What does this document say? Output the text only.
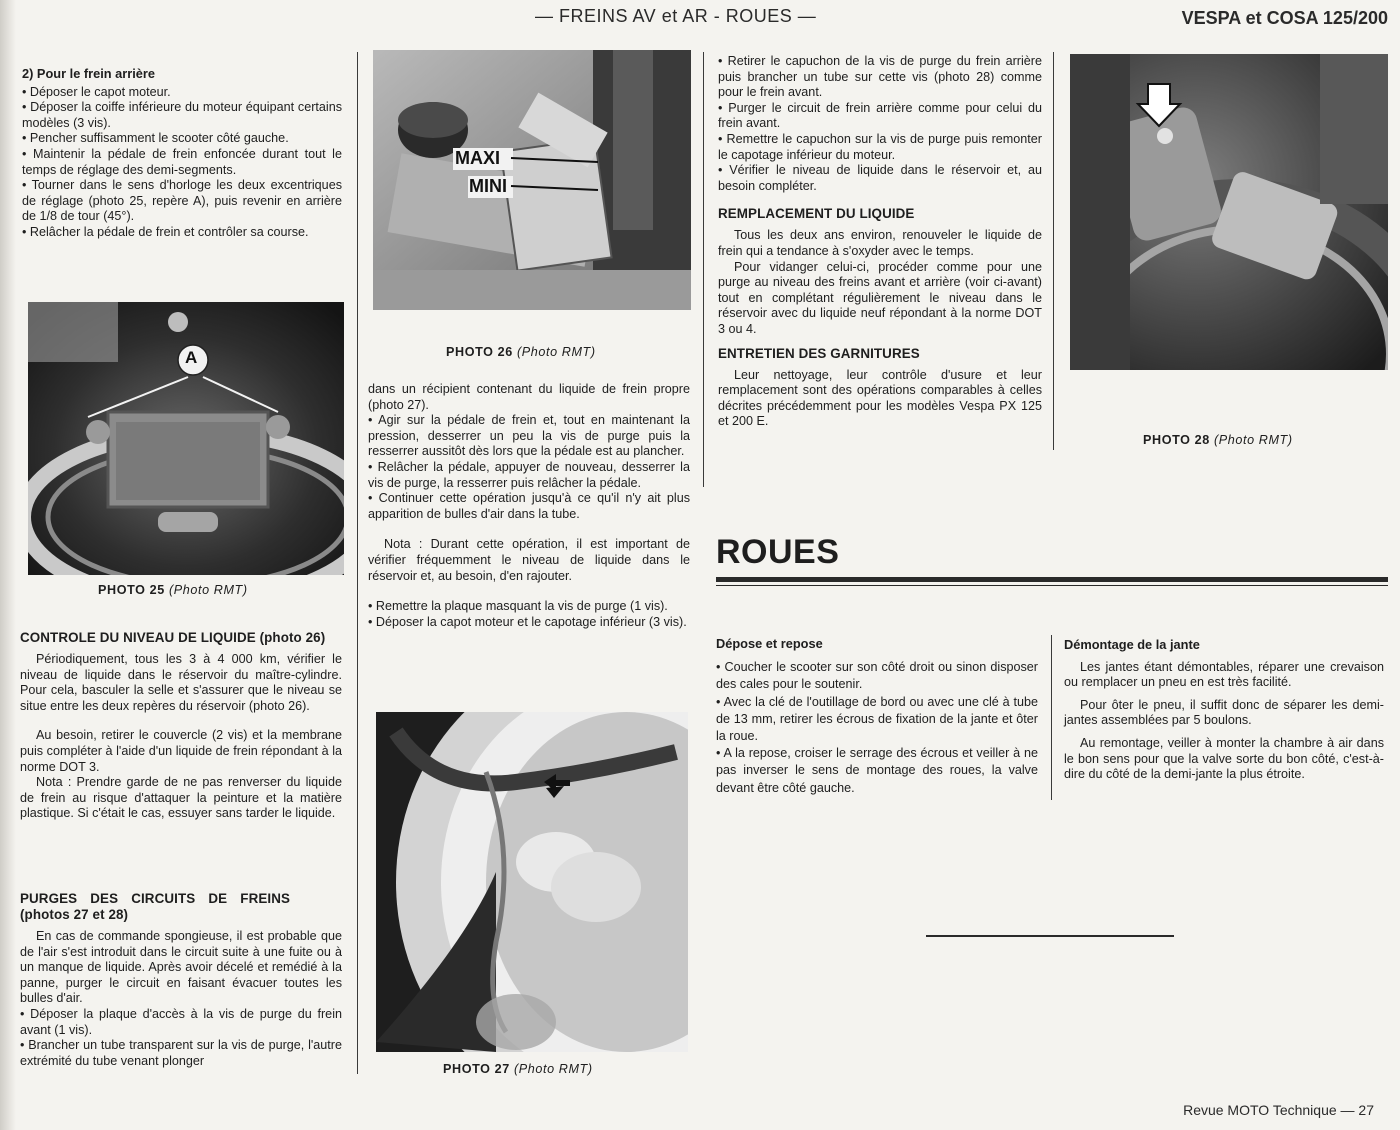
— FREINS AV et AR - ROUES —	VESPA et COSA 125/200

2) Pour le frein arrière

• Déposer le capot moteur.

• Déposer la coiffe inférieure du moteur équipant certains modèles (3 vis).

• Pencher suffisamment le scooter côté gauche.

• Maintenir la pédale de frein enfoncée durant tout le temps de réglage des demi-segments.

• Tourner dans le sens d'horloge les deux excentriques de réglage (photo 25, repère A), puis revenir en arrière de 1/8 de tour (45°).

• Relâcher la pédale de frein et contrôler sa course.

A
PHOTO 25 (Photo RMT)

CONTROLE DU NIVEAU DE LIQUIDE (photo 26)

Périodiquement, tous les 3 à 4 000 km, vérifier le niveau de liquide dans le réservoir du maître-cylindre. Pour cela, basculer la selle et s'assurer que le niveau se situe entre les deux repères du réservoir (photo 26).

Au besoin, retirer le couvercle (2 vis) et la membrane puis compléter à l'aide d'un liquide de frein répondant à la norme DOT 3.

Nota : Prendre garde de ne pas renverser du liquide de frein au risque d'attaquer la peinture et la matière plastique. Si c'était le cas, essuyer sans tarder le liquide.

PURGES DES CIRCUITS DE FREINS (photos 27 et 28)

En cas de commande spongieuse, il est probable que de l'air s'est introduit dans le circuit suite à une fuite ou à un manque de liquide. Après avoir décelé et remédié à la panne, purger le circuit en faisant évacuer toutes les bulles d'air.

• Déposer la plaque d'accès à la vis de purge du frein avant (1 vis).

• Brancher un tube transparent sur la vis de purge, l'autre extrémité du tube venant plonger

MAXI
MINI
PHOTO 26 (Photo RMT)

dans un récipient contenant du liquide de frein propre (photo 27).

• Agir sur la pédale de frein et, tout en maintenant la pression, desserrer un peu la vis de purge puis la resserrer aussitôt dès lors que la pédale est au plancher.

• Relâcher la pédale, appuyer de nouveau, desserrer la vis de purge, la resserrer puis relâcher la pédale.

• Continuer cette opération jusqu'à ce qu'il n'y ait plus apparition de bulles d'air dans la tube.

Nota : Durant cette opération, il est important de vérifier fréquemment le niveau de liquide dans le réservoir et, au besoin, d'en rajouter.

• Remettre la plaque masquant la vis de purge (1 vis).

• Déposer la capot moteur et le capotage inférieur (3 vis).

PHOTO 27 (Photo RMT)

• Retirer le capuchon de la vis de purge du frein arrière puis brancher un tube sur cette vis (photo 28) comme pour le frein avant.

• Purger le circuit de frein arrière comme pour celui du frein avant.

• Remettre le capuchon sur la vis de purge puis remonter le capotage inférieur du moteur.

• Vérifier le niveau de liquide dans le réservoir et, au besoin compléter.

REMPLACEMENT DU LIQUIDE

Tous les deux ans environ, renouveler le liquide de frein qui a tendance à s'oxyder avec le temps.

Pour vidanger celui-ci, procéder comme pour une purge au niveau des freins avant et arrière (voir ci-avant) tout en complétant régulièrement le niveau dans le réservoir avec du liquide neuf répondant à la norme DOT 3 ou 4.

ENTRETIEN DES GARNITURES

Leur nettoyage, leur contrôle d'usure et leur remplacement sont des opérations comparables à celles décrites précédemment pour les modèles Vespa PX 125 et 200 E.

PHOTO 28 (Photo RMT)
ROUES

Dépose et repose

• Coucher le scooter sur son côté droit ou sinon disposer des cales pour le soutenir.

• Avec la clé de l'outillage de bord ou avec une clé à tube de 13 mm, retirer les écrous de fixation de la jante et ôter la roue.

• A la repose, croiser le serrage des écrous et veiller à ne pas inverser le sens de montage des roues, la valve devant être côté gauche.

Démontage de la jante

Les jantes étant démontables, réparer une crevaison ou remplacer un pneu en est très facilité.

Pour ôter le pneu, il suffit donc de séparer les demi-jantes assemblées par 5 boulons.

Au remontage, veiller à monter la chambre à air dans le bon sens pour que la valve sorte du bon côté, c'est-à-dire du côté de la demi-jante la plus étroite.

Revue MOTO Technique — 27
